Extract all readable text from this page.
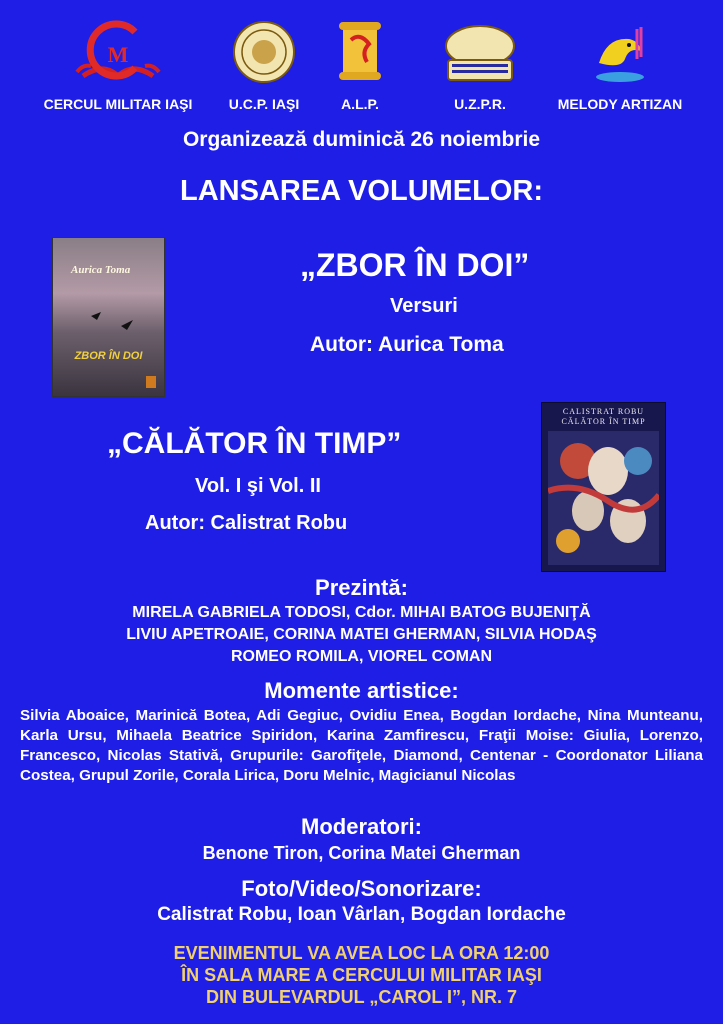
M
CERCUL MILITAR IAŞI	U.C.P. IAŞI	A.L.P.	U.Z.P.R.	MELODY ARTIZAN
Organizează duminică 26 noiembrie
LANSAREA VOLUMELOR:
Aurica Toma
ZBOR ÎN DOI
„ZBOR ÎN DOI”
Versuri
Autor: Aurica Toma
„CĂLĂTOR ÎN TIMP”
Vol. I şi Vol. II
Autor: Calistrat Robu
CALISTRAT ROBU
CĂLĂTOR ÎN TIMP
Prezintă:
MIRELA GABRIELA TODOSI, Cdor. MIHAI BATOG BUJENIŢĂ
LIVIU APETROAIE, CORINA MATEI GHERMAN, SILVIA HODAŞ
ROMEO ROMILA, VIOREL COMAN
Momente artistice:
Silvia Aboaice, Marinică Botea, Adi Gegiuc, Ovidiu Enea, Bogdan Iordache, Nina Munteanu, Karla Ursu, Mihaela Beatrice Spiridon, Karina Zamfirescu, Fraţii Moise: Giulia, Lorenzo, Francesco, Nicolas Stativă, Grupurile: Garofiţele, Diamond, Centenar - Coordonator Liliana Costea, Grupul Zorile, Corala Lirica, Doru Melnic, Magicianul Nicolas
Moderatori:
Benone Tiron, Corina Matei Gherman
Foto/Video/Sonorizare:
Calistrat Robu, Ioan Vârlan, Bogdan Iordache
EVENIMENTUL VA AVEA LOC LA ORA 12:00
ÎN SALA MARE A CERCULUI MILITAR IAŞI
DIN BULEVARDUL „CAROL I”, NR. 7
